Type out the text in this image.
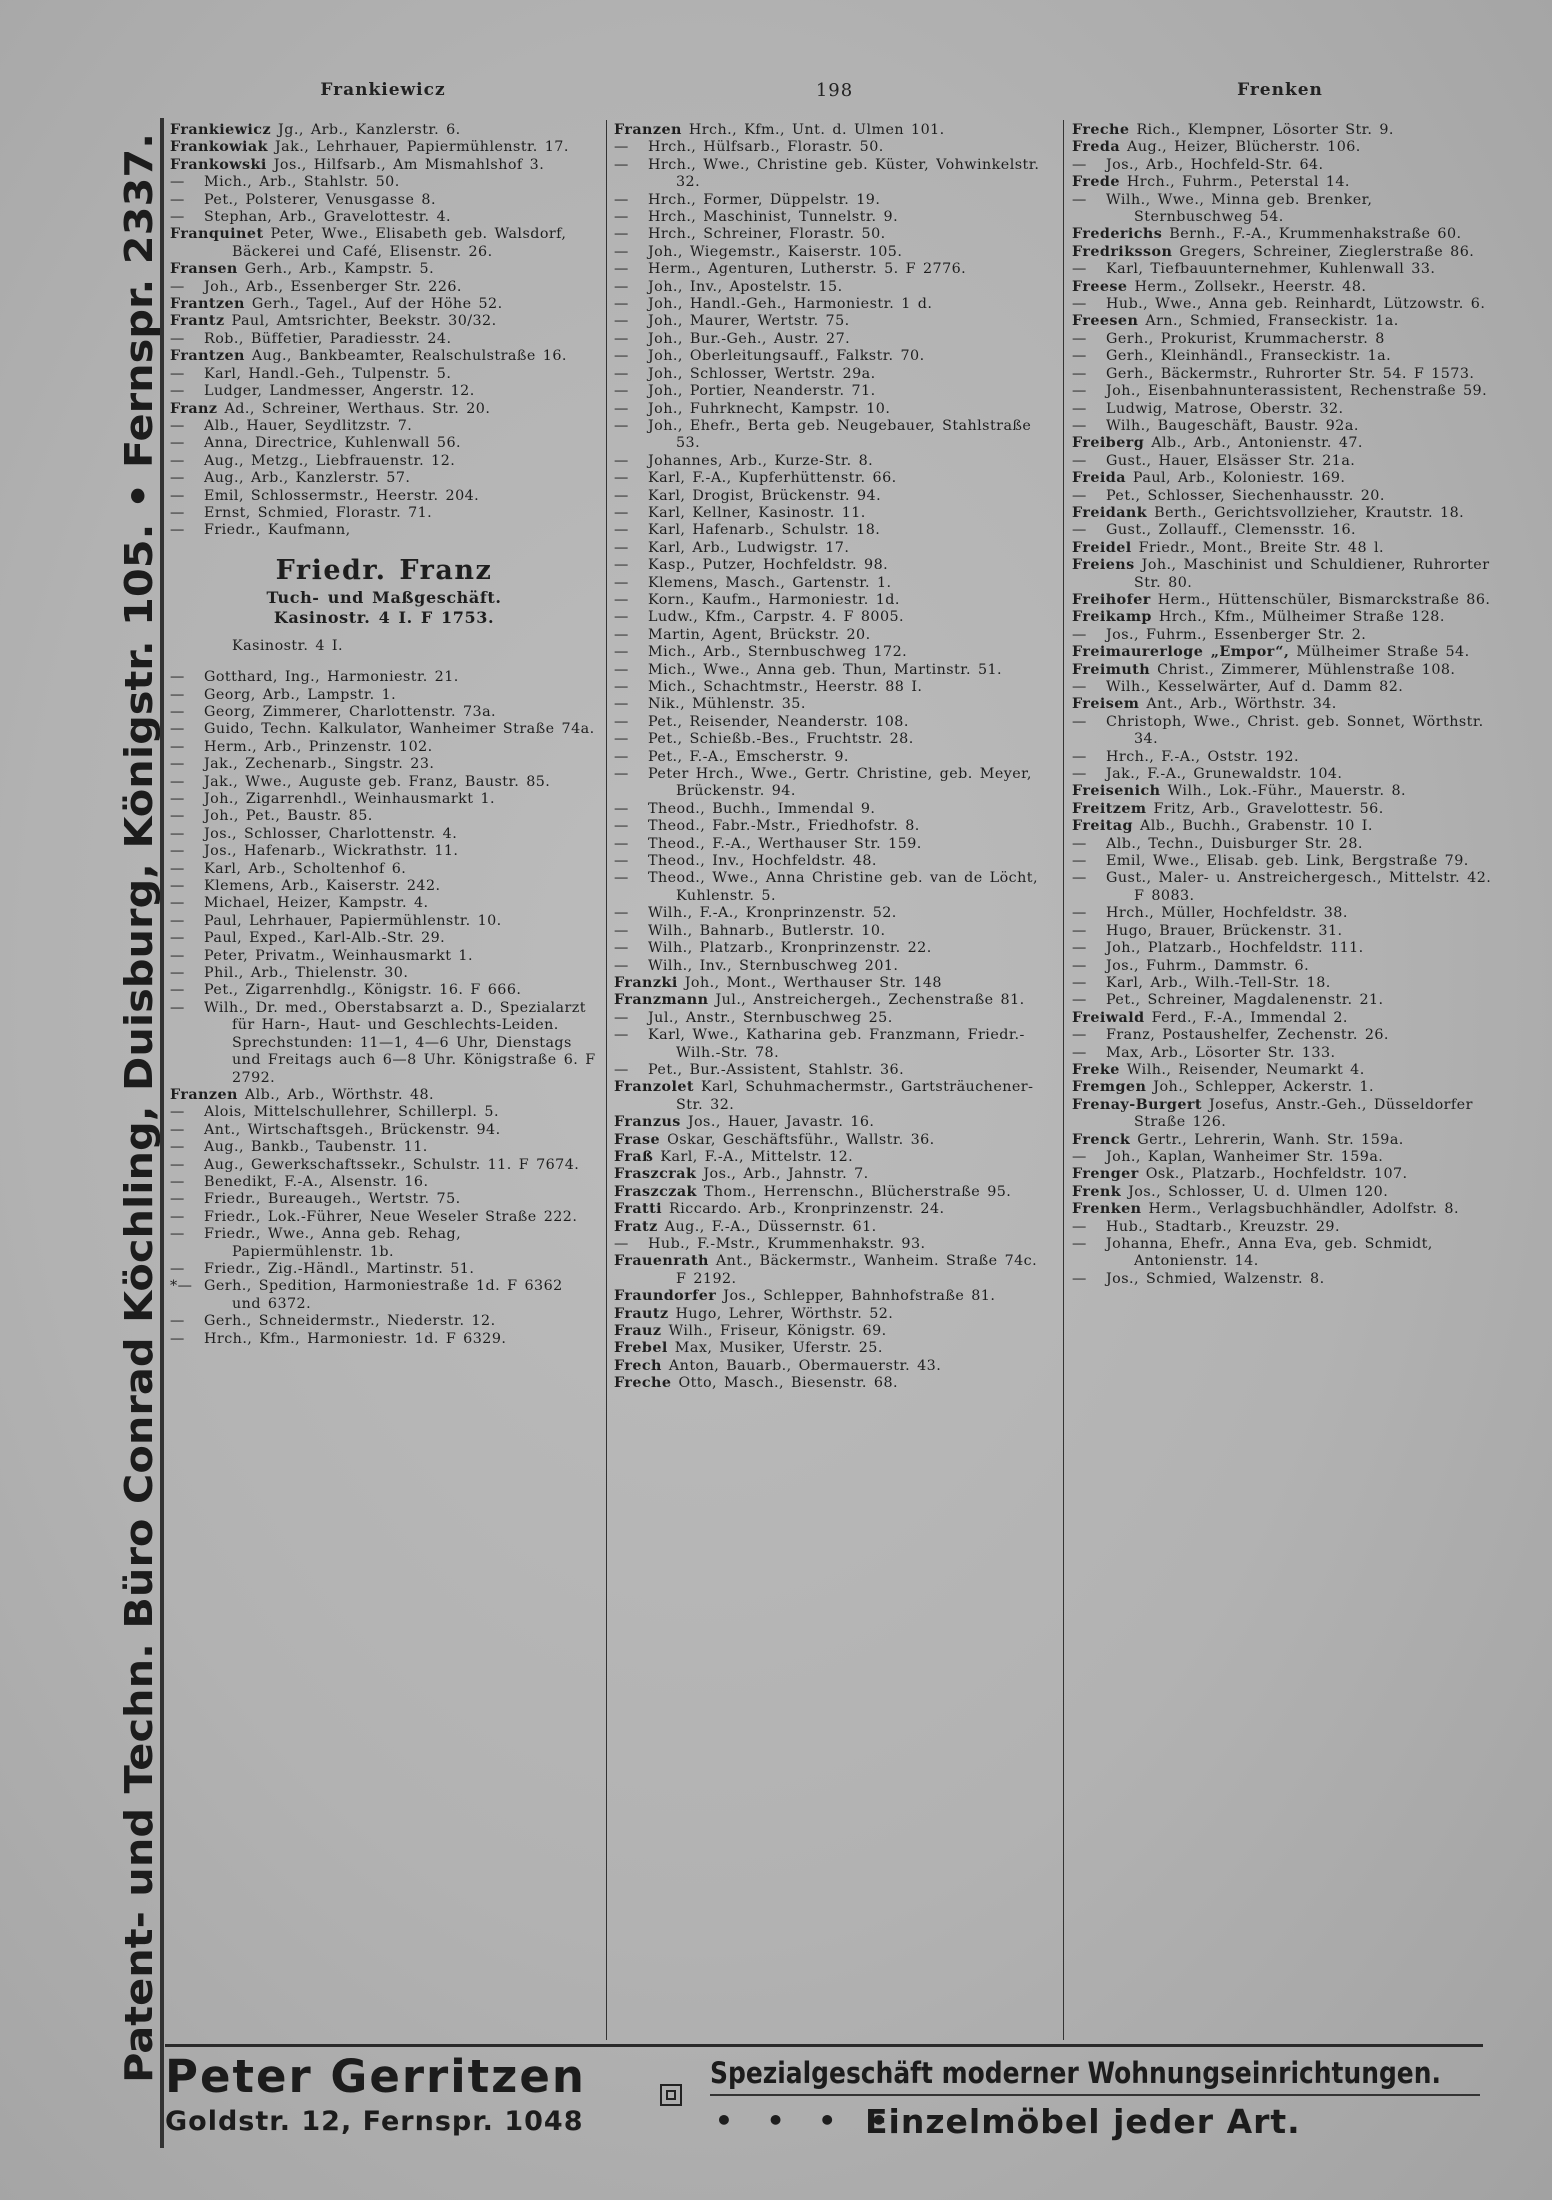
Frankiewicz	198	Frenken
Patent- und Techn. Büro Conrad Köchling, Duisburg, Königstr. 105. • Fernspr. 2337.
Frankiewicz Jg., Arb., Kanzlerstr. 6.
Frankowiak Jak., Lehrhauer, Papiermühlenstr. 17.
Frankowski Jos., Hilfsarb., Am Mismahlshof 3.
— Mich., Arb., Stahlstr. 50.
— Pet., Polsterer, Venusgasse 8.
— Stephan, Arb., Gravelottestr. 4.
Franquinet Peter, Wwe., Elisabeth geb. Walsdorf, Bäckerei und Café, Elisenstr. 26.
Fransen Gerh., Arb., Kampstr. 5.
— Joh., Arb., Essenberger Str. 226.
Frantzen Gerh., Tagel., Auf der Höhe 52.
Frantz Paul, Amtsrichter, Beekstr. 30/32.
— Rob., Büffetier, Paradiesstr. 24.
Frantzen Aug., Bankbeamter, Realschulstraße 16.
— Karl, Handl.-Geh., Tulpenstr. 5.
— Ludger, Landmesser, Angerstr. 12.
Franz Ad., Schreiner, Werthaus. Str. 20.
— Alb., Hauer, Seydlitzstr. 7.
— Anna, Directrice, Kuhlenwall 56.
— Aug., Metzg., Liebfrauenstr. 12.
— Aug., Arb., Kanzlerstr. 57.
— Emil, Schlossermstr., Heerstr. 204.
— Ernst, Schmied, Florastr. 71.
— Friedr., Kaufmann,
Friedr. Franz
Tuch- und Maßgeschäft.
Kasinostr. 4 I. F 1753.
Kasinostr. 4 I.
— Gotthard, Ing., Harmoniestr. 21.
— Georg, Arb., Lampstr. 1.
— Georg, Zimmerer, Charlottenstr. 73a.
— Guido, Techn. Kalkulator, Wanheimer Straße 74a.
— Herm., Arb., Prinzenstr. 102.
— Jak., Zechenarb., Singstr. 23.
— Jak., Wwe., Auguste geb. Franz, Baustr. 85.
— Joh., Zigarrenhdl., Weinhausmarkt 1.
— Joh., Pet., Baustr. 85.
— Jos., Schlosser, Charlottenstr. 4.
— Jos., Hafenarb., Wickrathstr. 11.
— Karl, Arb., Scholtenhof 6.
— Klemens, Arb., Kaiserstr. 242.
— Michael, Heizer, Kampstr. 4.
— Paul, Lehrhauer, Papiermühlenstr. 10.
— Paul, Exped., Karl-Alb.-Str. 29.
— Peter, Privatm., Weinhausmarkt 1.
— Phil., Arb., Thielenstr. 30.
— Pet., Zigarrenhdlg., Königstr. 16. F 666.
— Wilh., Dr. med., Oberstabsarzt a. D., Spezialarzt für Harn-, Haut- und Geschlechts-Leiden. Sprechstunden: 11—1, 4—6 Uhr, Dienstags und Freitags auch 6—8 Uhr. Königstraße 6. F 2792.
Franzen Alb., Arb., Wörthstr. 48.
— Alois, Mittelschullehrer, Schillerpl. 5.
— Ant., Wirtschaftsgeh., Brückenstr. 94.
— Aug., Bankb., Taubenstr. 11.
— Aug., Gewerkschaftssekr., Schulstr. 11. F 7674.
— Benedikt, F.-A., Alsenstr. 16.
— Friedr., Bureaugeh., Wertstr. 75.
— Friedr., Lok.-Führer, Neue Weseler Straße 222.
— Friedr., Wwe., Anna geb. Rehag, Papiermühlenstr. 1b.
— Friedr., Zig.-Händl., Martinstr. 51.
*— Gerh., Spedition, Harmoniestraße 1d. F 6362 und 6372.
— Gerh., Schneidermstr., Niederstr. 12.
— Hrch., Kfm., Harmoniestr. 1d. F 6329.
Franzen Hrch., Kfm., Unt. d. Ulmen 101.
— Hrch., Hülfsarb., Florastr. 50.
— Hrch., Wwe., Christine geb. Küster, Vohwinkelstr. 32.
— Hrch., Former, Düppelstr. 19.
— Hrch., Maschinist, Tunnelstr. 9.
— Hrch., Schreiner, Florastr. 50.
— Joh., Wiegemstr., Kaiserstr. 105.
— Herm., Agenturen, Lutherstr. 5. F 2776.
— Joh., Inv., Apostelstr. 15.
— Joh., Handl.-Geh., Harmoniestr. 1 d.
— Joh., Maurer, Wertstr. 75.
— Joh., Bur.-Geh., Austr. 27.
— Joh., Oberleitungsauff., Falkstr. 70.
— Joh., Schlosser, Wertstr. 29a.
— Joh., Portier, Neanderstr. 71.
— Joh., Fuhrknecht, Kampstr. 10.
— Joh., Ehefr., Berta geb. Neugebauer, Stahlstraße 53.
— Johannes, Arb., Kurze-Str. 8.
— Karl, F.-A., Kupferhüttenstr. 66.
— Karl, Drogist, Brückenstr. 94.
— Karl, Kellner, Kasinostr. 11.
— Karl, Hafenarb., Schulstr. 18.
— Karl, Arb., Ludwigstr. 17.
— Kasp., Putzer, Hochfeldstr. 98.
— Klemens, Masch., Gartenstr. 1.
— Korn., Kaufm., Harmoniestr. 1d.
— Ludw., Kfm., Carpstr. 4. F 8005.
— Martin, Agent, Brückstr. 20.
— Mich., Arb., Sternbuschweg 172.
— Mich., Wwe., Anna geb. Thun, Martinstr. 51.
— Mich., Schachtmstr., Heerstr. 88 I.
— Nik., Mühlenstr. 35.
— Pet., Reisender, Neanderstr. 108.
— Pet., Schießb.-Bes., Fruchtstr. 28.
— Pet., F.-A., Emscherstr. 9.
— Peter Hrch., Wwe., Gertr. Christine, geb. Meyer, Brückenstr. 94.
— Theod., Buchh., Immendal 9.
— Theod., Fabr.-Mstr., Friedhofstr. 8.
— Theod., F.-A., Werthauser Str. 159.
— Theod., Inv., Hochfeldstr. 48.
— Theod., Wwe., Anna Christine geb. van de Löcht, Kuhlenstr. 5.
— Wilh., F.-A., Kronprinzenstr. 52.
— Wilh., Bahnarb., Butlerstr. 10.
— Wilh., Platzarb., Kronprinzenstr. 22.
— Wilh., Inv., Sternbuschweg 201.
Franzki Joh., Mont., Werthauser Str. 148
Franzmann Jul., Anstreichergeh., Zechenstraße 81.
— Jul., Anstr., Sternbuschweg 25.
— Karl, Wwe., Katharina geb. Franzmann, Friedr.-Wilh.-Str. 78.
— Pet., Bur.-Assistent, Stahlstr. 36.
Franzolet Karl, Schuhmachermstr., Gartsträuchener-Str. 32.
Franzus Jos., Hauer, Javastr. 16.
Frase Oskar, Geschäftsführ., Wallstr. 36.
Fraß Karl, F.-A., Mittelstr. 12.
Fraszcrak Jos., Arb., Jahnstr. 7.
Fraszczak Thom., Herrenschn., Blücherstraße 95.
Fratti Riccardo. Arb., Kronprinzenstr. 24.
Fratz Aug., F.-A., Düssernstr. 61.
— Hub., F.-Mstr., Krummenhakstr. 93.
Frauenrath Ant., Bäckermstr., Wanheim. Straße 74c. F 2192.
Fraundorfer Jos., Schlepper, Bahnhofstraße 81.
Frautz Hugo, Lehrer, Wörthstr. 52.
Frauz Wilh., Friseur, Königstr. 69.
Frebel Max, Musiker, Uferstr. 25.
Frech Anton, Bauarb., Obermauerstr. 43.
Freche Otto, Masch., Biesenstr. 68.
Freche Rich., Klempner, Lösorter Str. 9.
Freda Aug., Heizer, Blücherstr. 106.
— Jos., Arb., Hochfeld-Str. 64.
Frede Hrch., Fuhrm., Peterstal 14.
— Wilh., Wwe., Minna geb. Brenker, Sternbuschweg 54.
Frederichs Bernh., F.-A., Krummenhakstraße 60.
Fredriksson Gregers, Schreiner, Zieglerstraße 86.
— Karl, Tiefbauunternehmer, Kuhlenwall 33.
Freese Herm., Zollsekr., Heerstr. 48.
— Hub., Wwe., Anna geb. Reinhardt, Lützowstr. 6.
Freesen Arn., Schmied, Fransеckistr. 1a.
— Gerh., Prokurist, Krummacherstr. 8
— Gerh., Kleinhändl., Fransеckistr. 1a.
— Gerh., Bäckermstr., Ruhrorter Str. 54. F 1573.
— Joh., Eisenbahnunterassistent, Rechenstraße 59.
— Ludwig, Matrose, Oberstr. 32.
— Wilh., Baugeschäft, Baustr. 92a.
Freiberg Alb., Arb., Antonienstr. 47.
— Gust., Hauer, Elsässer Str. 21a.
Freida Paul, Arb., Koloniestr. 169.
— Pet., Schlosser, Siechenhausstr. 20.
Freidank Berth., Gerichtsvollzieher, Krautstr. 18.
— Gust., Zollauff., Clemensstr. 16.
Freidel Friedr., Mont., Breite Str. 48 l.
Freiens Joh., Maschinist und Schuldiener, Ruhrorter Str. 80.
Freihofer Herm., Hüttenschüler, Bismarckstraße 86.
Freikamp Hrch., Kfm., Mülheimer Straße 128.
— Jos., Fuhrm., Essenberger Str. 2.
Freimaurerloge „Empor“, Mülheimer Straße 54.
Freimuth Christ., Zimmerer, Mühlenstraße 108.
— Wilh., Kesselwärter, Auf d. Damm 82.
Freisem Ant., Arb., Wörthstr. 34.
— Christoph, Wwe., Christ. geb. Sonnet, Wörthstr. 34.
— Hrch., F.-A., Oststr. 192.
— Jak., F.-A., Grunewaldstr. 104.
Freisenich Wilh., Lok.-Führ., Mauerstr. 8.
Freitzem Fritz, Arb., Gravelottestr. 56.
Freitag Alb., Buchh., Grabenstr. 10 I.
— Alb., Techn., Duisburger Str. 28.
— Emil, Wwe., Elisab. geb. Link, Bergstraße 79.
— Gust., Maler- u. Anstreichergesch., Mittelstr. 42. F 8083.
— Hrch., Müller, Hochfeldstr. 38.
— Hugo, Brauer, Brückenstr. 31.
— Joh., Platzarb., Hochfeldstr. 111.
— Jos., Fuhrm., Dammstr. 6.
— Karl, Arb., Wilh.-Tell-Str. 18.
— Pet., Schreiner, Magdalenenstr. 21.
Freiwald Ferd., F.-A., Immendal 2.
— Franz, Postaushelfer, Zechenstr. 26.
— Max, Arb., Lösorter Str. 133.
Freke Wilh., Reisender, Neumarkt 4.
Fremgen Joh., Schlepper, Ackerstr. 1.
Frenay-Burgert Josefus, Anstr.-Geh., Düsseldorfer Straße 126.
Frenck Gertr., Lehrerin, Wanh. Str. 159a.
— Joh., Kaplan, Wanheimer Str. 159a.
Frenger Osk., Platzarb., Hochfeldstr. 107.
Frenk Jos., Schlosser, U. d. Ulmen 120.
Frenken Herm., Verlagsbuchhändler, Adolfstr. 8.
— Hub., Stadtarb., Kreuzstr. 29.
— Johanna, Ehefr., Anna Eva, geb. Schmidt, Antonienstr. 14.
— Jos., Schmied, Walzenstr. 8.
Peter Gerritzen	Spezialgeschäft moderner Wohnungseinrichtungen.
Goldstr. 12, Fernspr. 1048	• • • •
Einzelmöbel jeder Art.
